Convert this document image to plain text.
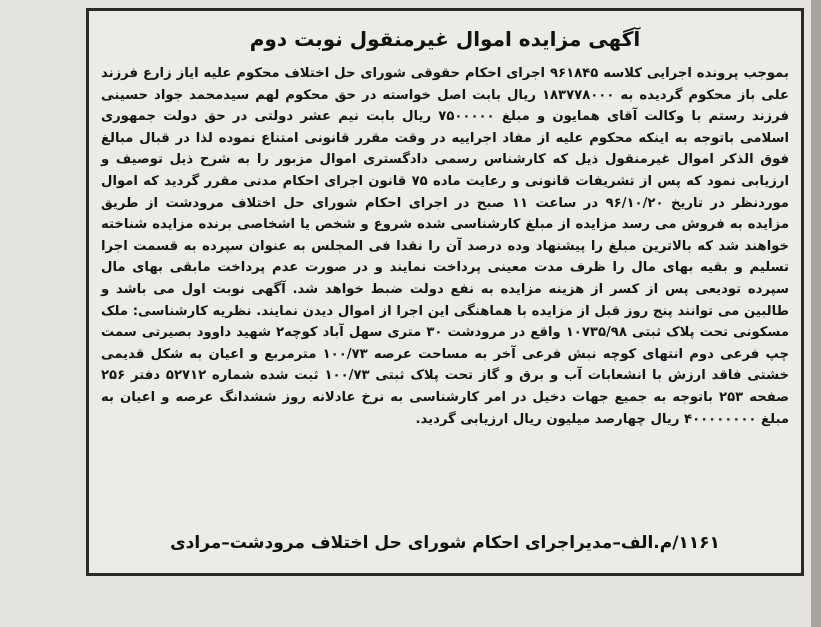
آگهی مزایده اموال غیرمنقول نوبت دوم
بموجب پرونده اجرایی کلاسه ۹۶۱۸۴۵ اجرای احکام حقوقی شورای حل اختلاف محکوم علیه ایاز زارع فرزند علی باز محکوم گردیده به ۱۸۳۷۷۸۰۰۰ ریال بابت اصل خواسته در حق محکوم لهم سیدمحمد جواد حسینی فرزند رستم با وکالت آقای همایون و مبلغ ۷۵۰۰۰۰۰ ریال بابت نیم عشر دولتی در حق دولت جمهوری اسلامی باتوجه به اینکه محکوم علیه از مفاد اجراییه در وقت مقرر قانونی امتناع نموده لذا در قبال مبالغ فوق الذکر اموال غیرمنقول ذیل که کارشناس رسمی دادگستری اموال مزبور را به شرح ذیل توصیف و ارزیابی نمود که پس از تشریفات قانونی و رعایت ماده ۷۵ قانون اجرای احکام مدنی مقرر گردید که اموال موردنظر در تاریخ ۹۶/۱۰/۲۰ در ساعت ۱۱ صبح در اجرای احکام شورای حل اختلاف مرودشت از طریق مزایده به فروش می رسد مزایده از مبلغ کارشناسی شده شروع و شخص یا اشخاصی برنده مزایده شناخته خواهند شد که بالاترین مبلغ را پیشنهاد وده درصد آن را نقدا فی المجلس به عنوان سپرده به قسمت اجرا تسلیم و بقیه بهای مال را ظرف مدت معینی پرداخت نمایند و در صورت عدم پرداخت مابقی بهای مال سپرده تودیعی پس از کسر از هزینه مزایده به نفع دولت ضبط خواهد شد. آگهی نوبت اول می باشد و طالبین می توانند پنج روز قبل از مزایده با هماهنگی این اجرا از اموال دیدن نمایند. نظریه کارشناسی: ملک مسکونی تحت پلاک ثبتی ۱۰۷۳۵/۹۸ واقع در مرودشت ۳۰ متری سهل آباد کوچه۲ شهید داوود بصیرتی سمت چپ فرعی دوم انتهای کوچه نبش فرعی آخر به مساحت عرصه ۱۰۰/۷۳ مترمربع و اعیان به شکل قدیمی خشتی فاقد ارزش با انشعابات آب و برق و گاز تحت پلاک ثبتی ۱۰۰/۷۳ ثبت شده شماره ۵۲۷۱۲ دفتر ۲۵۶ صفحه ۲۵۳ باتوجه به جمیع جهات دخیل در امر کارشناسی به نرخ عادلانه روز ششدانگ عرصه و اعیان به مبلغ ۴۰۰۰۰۰۰۰۰ ریال چهارصد میلیون ریال ارزیابی گردید.
۱۱۶۱/م.الف–مدیراجرای احکام شورای حل اختلاف مرودشت–مرادی
